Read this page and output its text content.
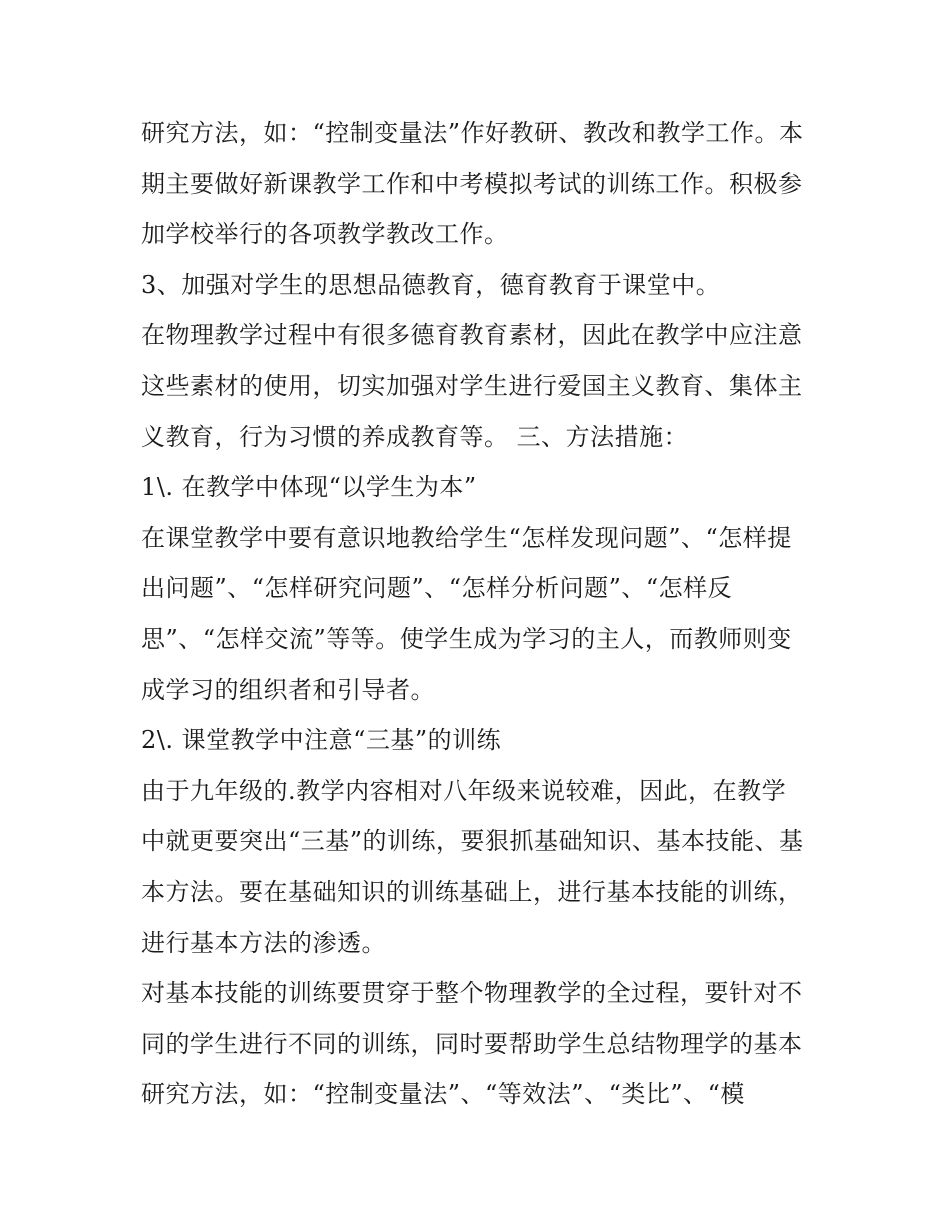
研究方法，如：“控制变量法”作好教研、教改和教学工作。本
期主要做好新课教学工作和中考模拟考试的训练工作。积极参
加学校举行的各项教学教改工作。
3、加强对学生的思想品德教育，德育教育于课堂中。
在物理教学过程中有很多德育教育素材，因此在教学中应注意
这些素材的使用，切实加强对学生进行爱国主义教育、集体主
义教育，行为习惯的养成教育等。 三、方法措施：
1\. 在教学中体现“以学生为本”
在课堂教学中要有意识地教给学生“怎样发现问题”、“怎样提
出问题”、“怎样研究问题”、“怎样分析问题”、“怎样反
思”、“怎样交流”等等。使学生成为学习的主人，而教师则变
成学习的组织者和引导者。
2\. 课堂教学中注意“三基”的训练
由于九年级的.教学内容相对八年级来说较难，因此，在教学
中就更要突出“三基”的训练，要狠抓基础知识、基本技能、基
本方法。要在基础知识的训练基础上，进行基本技能的训练，
进行基本方法的渗透。
对基本技能的训练要贯穿于整个物理教学的全过程，要针对不
同的学生进行不同的训练，同时要帮助学生总结物理学的基本
研究方法，如：“控制变量法”、“等效法”、“类比”、“模
